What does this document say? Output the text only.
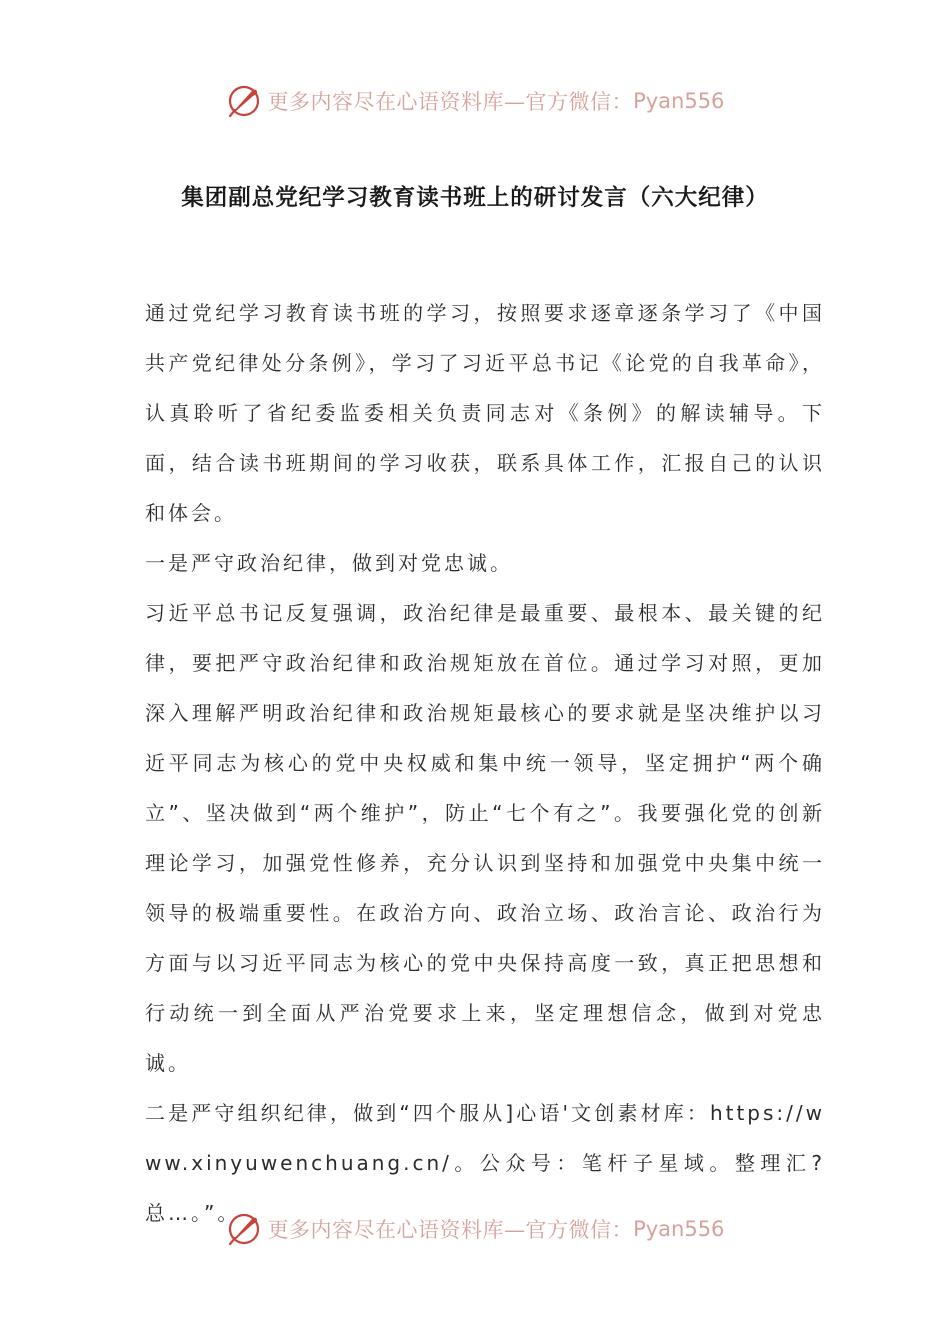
更多内容尽在心语资料库—官方微信： Pyan556
集团副总党纪学习教育读书班上的研讨发言（六大纪律）

通过党纪学习教育读书班的学习，按照要求逐章逐条学习了《中国共产党纪律处分条例》，学习了习近平总书记《论党的自我革命》，认真聆听了省纪委监委相关负责同志对《条例》的解读辅导。下面，结合读书班期间的学习收获，联系具体工作，汇报自己的认识和体会。

一是严守政治纪律，做到对党忠诚。

习近平总书记反复强调，政治纪律是最重要、最根本、最关键的纪律，要把严守政治纪律和政治规矩放在首位。通过学习对照，更加深入理解严明政治纪律和政治规矩最核心的要求就是坚决维护以习近平同志为核心的党中央权威和集中统一领导，坚定拥护“两个确立”、坚决做到“两个维护”，防止“七个有之”。我要强化党的创新理论学习，加强党性修养，充分认识到坚持和加强党中央集中统一领导的极端重要性。在政治方向、政治立场、政治言论、政治行为方面与以习近平同志为核心的党中央保持高度一致，真正把思想和行动统一到全面从严治党要求上来，坚定理想信念，做到对党忠诚。

二是严守组织纪律，做到“四个服从]心语'文创素材库：https://www.xinyuwenchuang.cn/。公众号：笔杆子星域。整理汇?总…。”。

更多内容尽在心语资料库—官方微信： Pyan556
